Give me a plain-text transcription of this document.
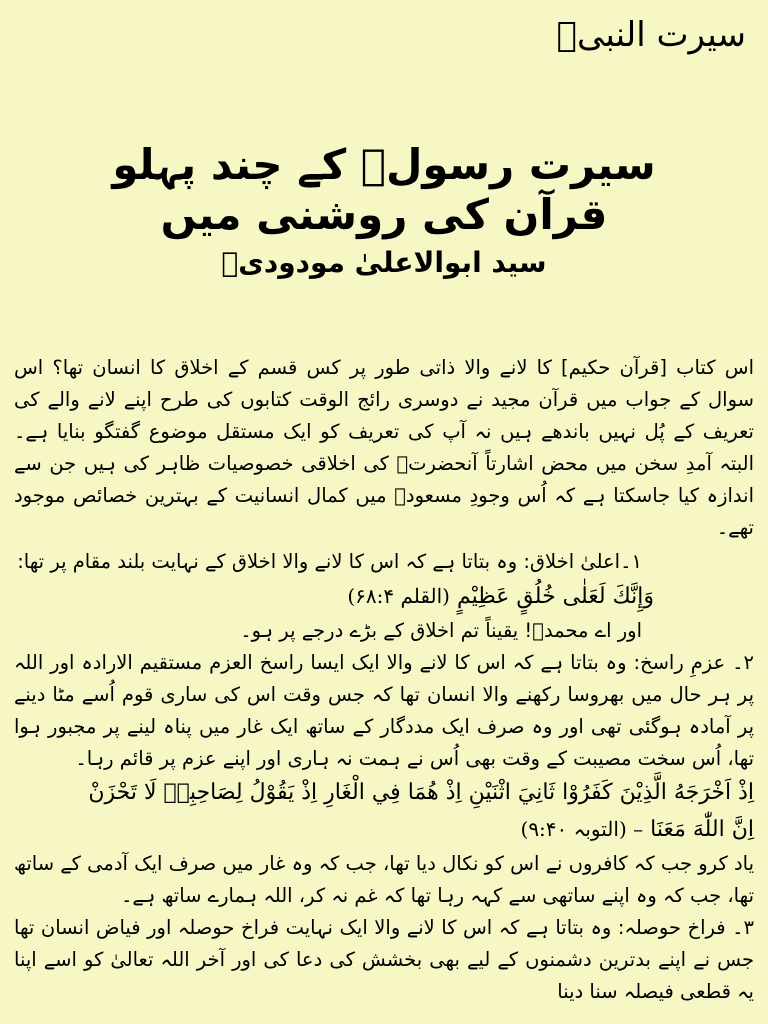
سیرت النبیؐ
سیرت رسولؐ کے چند پہلو
قرآن کی روشنی میں
سید ابوالاعلیٰ مودودیؒ

اس کتاب [قرآن حکیم] کا لانے والا ذاتی طور پر کس قسم کے اخلاق کا انسان تھا؟ اس سوال کے جواب میں قرآن مجید نے دوسری رائج الوقت کتابوں کی طرح اپنے لانے والے کی تعریف کے پُل نہیں باندھے ہیں نہ آپ کی تعریف کو ایک مستقل موضوع گفتگو بنایا ہے۔ البتہ آمدِ سخن میں محض اشارتاً آنحضرتؐ کی اخلاقی خصوصیات ظاہر کی ہیں جن سے اندازہ کیا جاسکتا ہے کہ اُس وجودِ مسعودؐ میں کمال انسانیت کے بہترین خصائص موجود تھے۔

۱۔اعلیٰ اخلاق: وہ بتاتا ہے کہ اس کا لانے والا اخلاق کے نہایت بلند مقام پر تھا:

وَإِنَّكَ لَعَلٰى خُلُقٍ عَظِيْمٍ (القلم ۶۸:۴)

اور اے محمدؐ! یقیناً تم اخلاق کے بڑے درجے پر ہو۔

۲۔ عزمِ راسخ: وہ بتاتا ہے کہ اس کا لانے والا ایک ایسا راسخ العزم مستقیم الارادہ اور اللہ پر ہر حال میں بھروسا رکھنے والا انسان تھا کہ جس وقت اس کی ساری قوم اُسے مٹا دینے پر آمادہ ہوگئی تھی اور وہ صرف ایک مددگار کے ساتھ ایک غار میں پناہ لینے پر مجبور ہوا تھا، اُس سخت مصیبت کے وقت بھی اُس نے ہمت نہ ہاری اور اپنے عزم پر قائم رہا۔

اِذْ اَخْرَجَهُ الَّذِيْنَ كَفَرُوْا ثَانِيَ اثْنَيْنِ اِذْ هُمَا فِي الْغَارِ اِذْ يَقُوْلُ لِصَاحِبِهٖ لَا تَحْزَنْ

اِنَّ اللّٰهَ مَعَنَا – (التوبہ ۹:۴۰)

یاد کرو جب کہ کافروں نے اس کو نکال دیا تھا، جب کہ وہ غار میں صرف ایک آدمی کے ساتھ تھا، جب کہ وہ اپنے ساتھی سے کہہ رہا تھا کہ غم نہ کر، اللہ ہمارے ساتھ ہے۔

۳۔ فراخ حوصلہ: وہ بتاتا ہے کہ اس کا لانے والا ایک نہایت فراخ حوصلہ اور فیاض انسان تھا جس نے اپنے بدترین دشمنوں کے لیے بھی بخشش کی دعا کی اور آخر اللہ تعالیٰ کو اسے اپنا یہ قطعی فیصلہ سنا دینا
